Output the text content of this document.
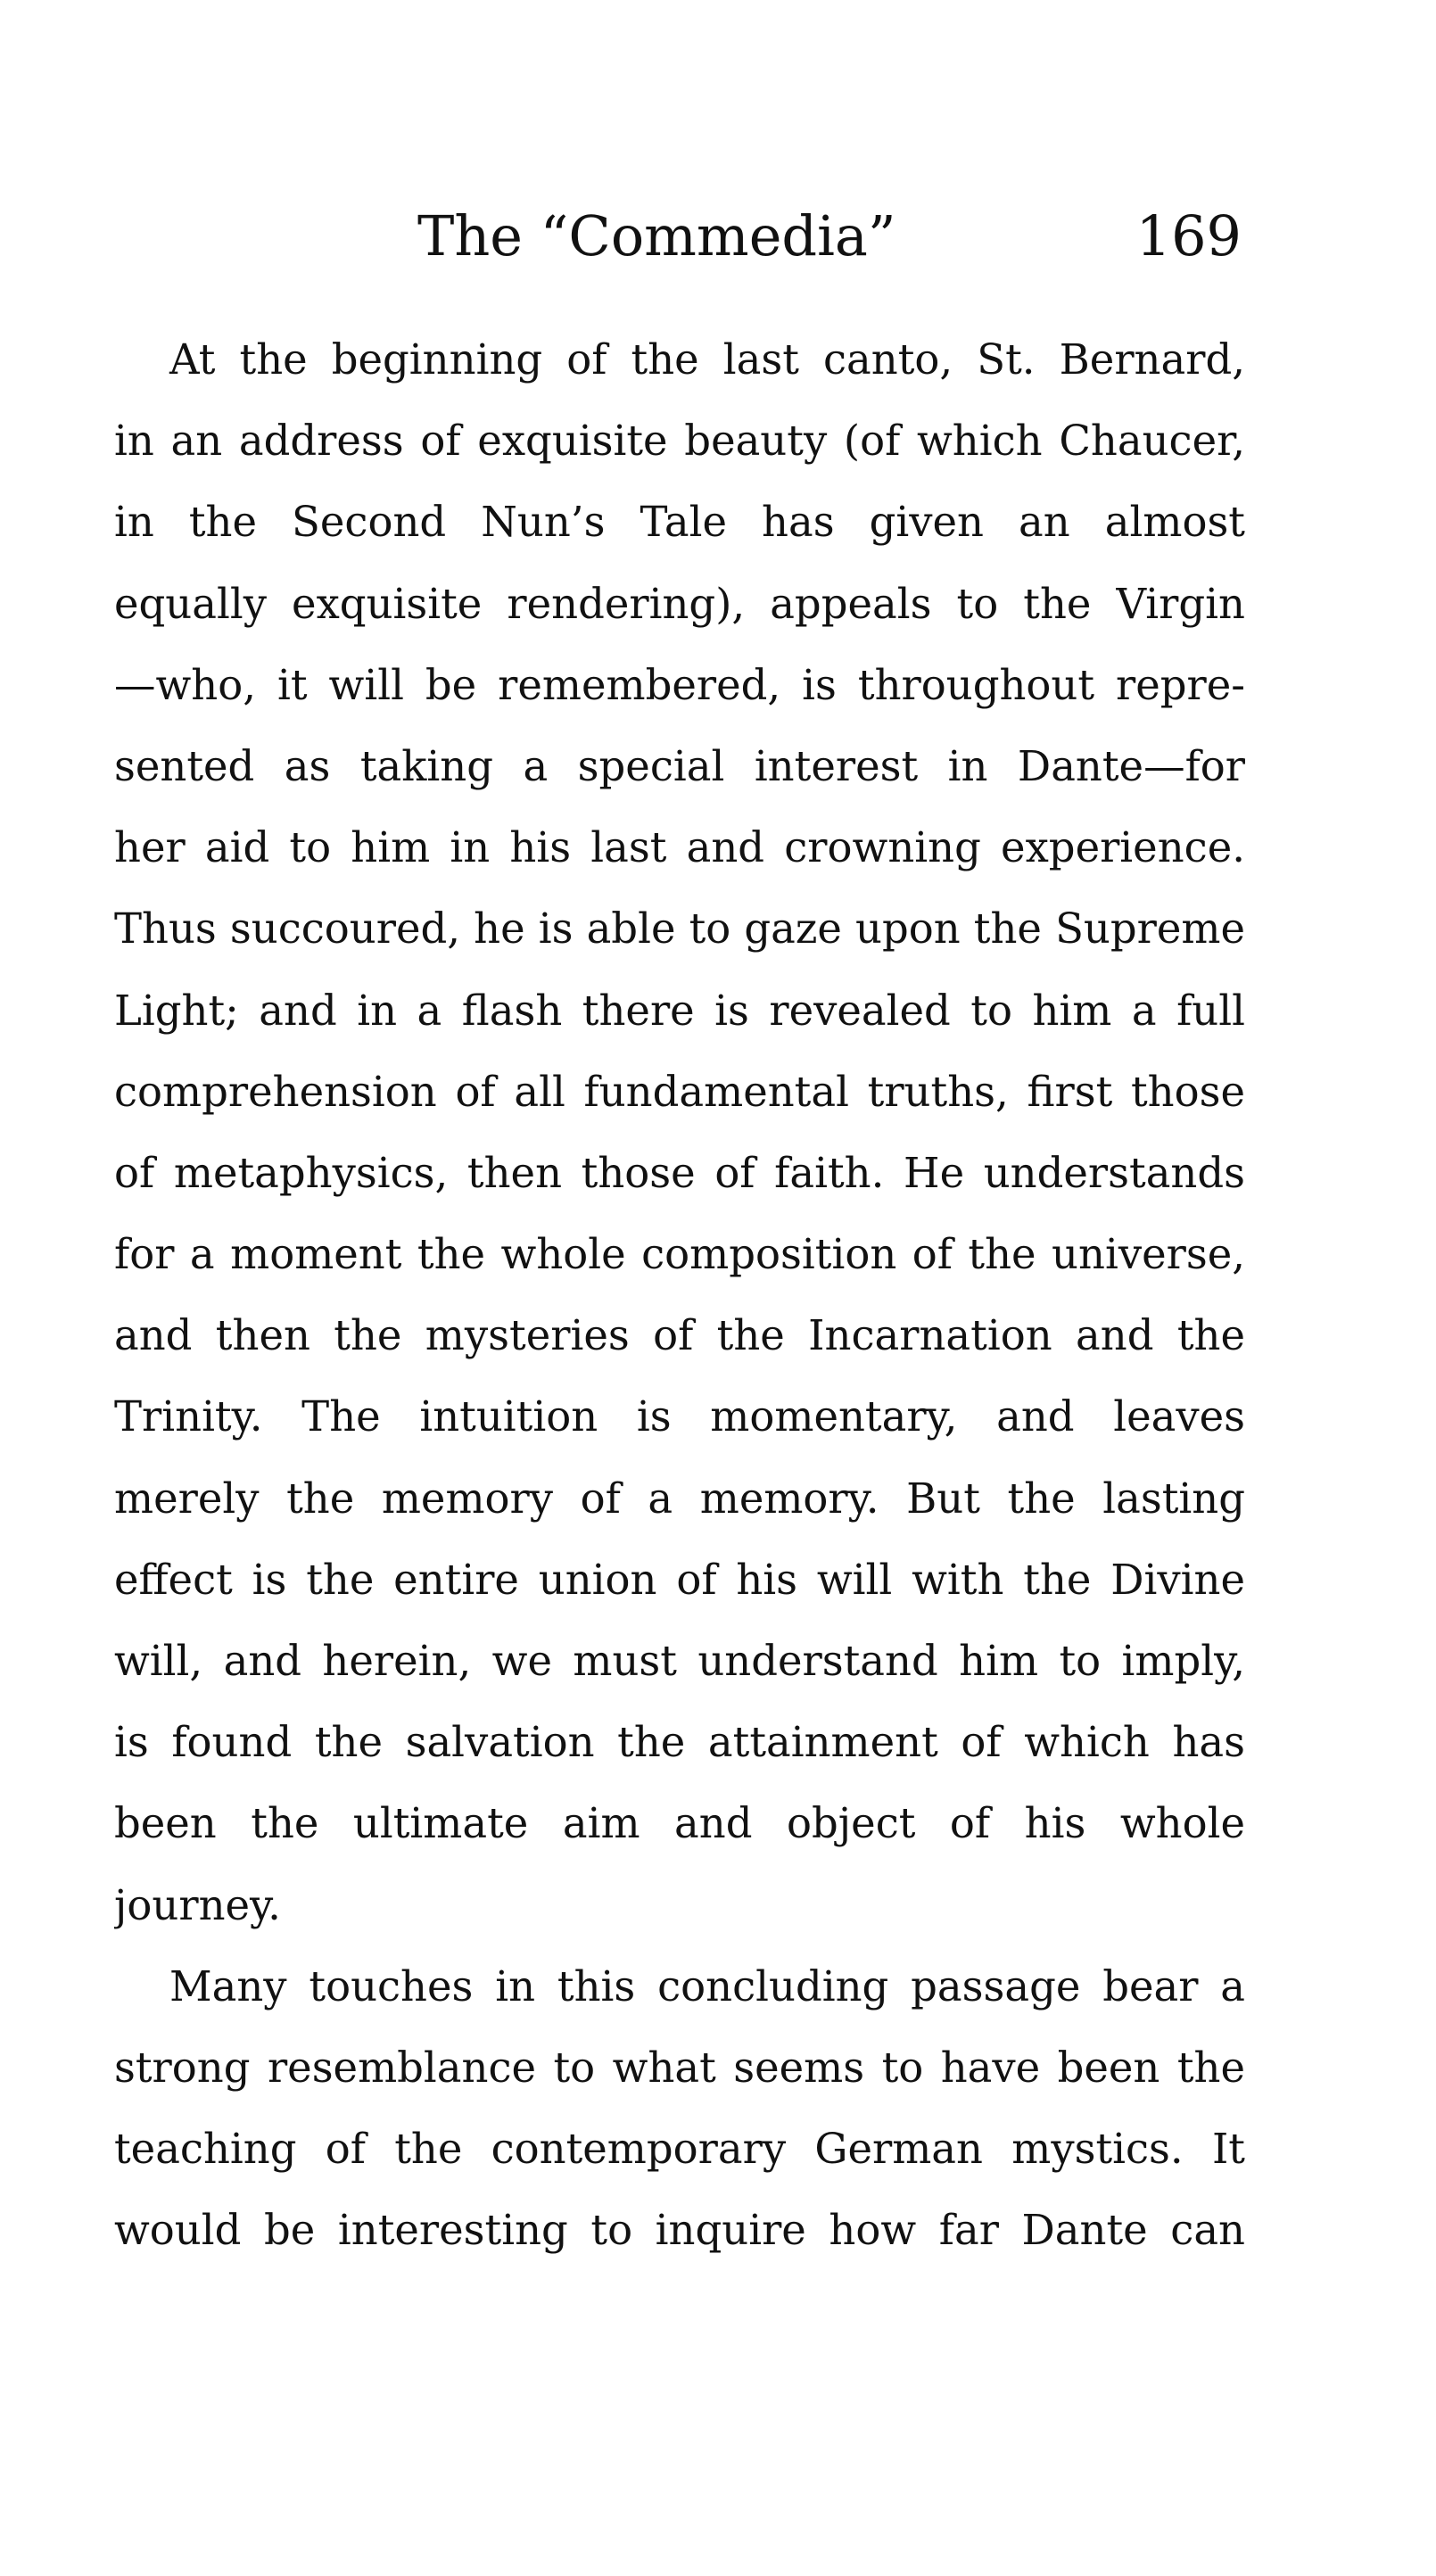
The “Commedia”	169
At the beginning of the last canto, St. Bernard,
in an address of exquisite beauty (of which Chaucer,
in the Second Nun’s Tale has given an almost
equally exquisite rendering), appeals to the Virgin
—who, it will be remembered, is throughout repre-
sented as taking a special interest in Dante—for
her aid to him in his last and crowning experience.
Thus succoured, he is able to gaze upon the Supreme
Light; and in a flash there is revealed to him a full
comprehension of all fundamental truths, first those
of metaphysics, then those of faith. He understands
for a moment the whole composition of the universe,
and then the mysteries of the Incarnation and the
Trinity. The intuition is momentary, and leaves
merely the memory of a memory. But the lasting
effect is the entire union of his will with the Divine
will, and herein, we must understand him to imply,
is found the salvation the attainment of which has
been the ultimate aim and object of his whole
journey.
Many touches in this concluding passage bear a
strong resemblance to what seems to have been the
teaching of the contemporary German mystics. It
would be interesting to inquire how far Dante can
